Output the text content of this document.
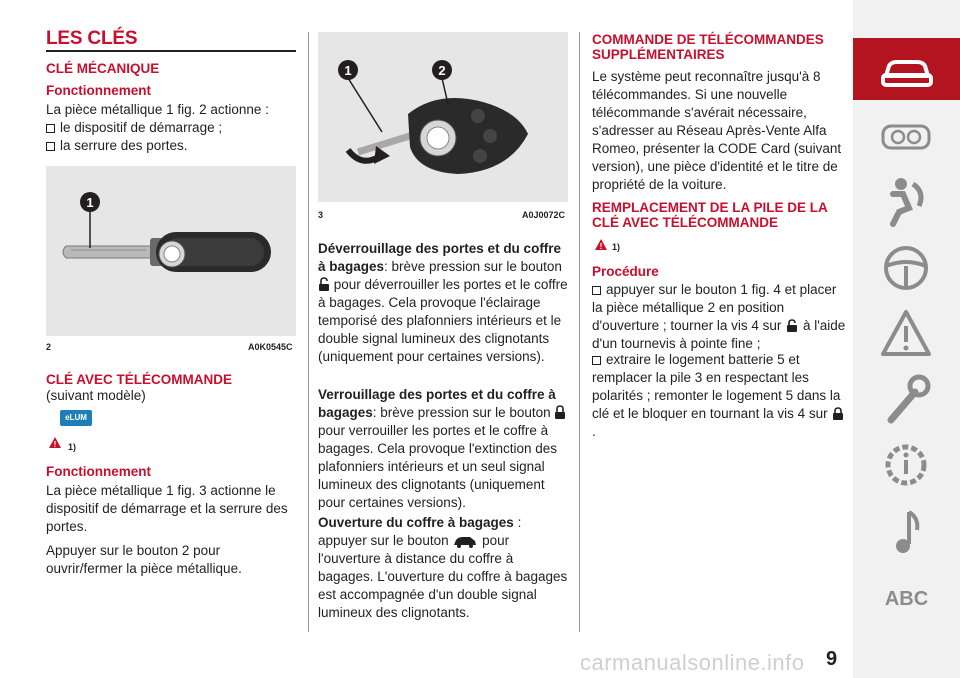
LES CLÉS
CLÉ MÉCANIQUE
Fonctionnement
La pièce métallique 1 fig. 2 actionne :
le dispositif de démarrage ;
la serrure des portes.
1
2	A0K0545C
CLÉ AVEC TÉLÉCOMMANDE
(suivant modèle)
eLUM
! 1)
Fonctionnement
La pièce métallique 1 fig. 3 actionne le dispositif de démarrage et la serrure des portes.
Appuyer sur le bouton 2 pour ouvrir/fermer la pièce métallique.
1	2
3	A0J0072C
Déverrouillage des portes et du coffre à bagages: brève pression sur le bouton  pour déverrouiller les portes et le coffre à bagages. Cela provoque l'éclairage temporisé des plafonniers intérieurs et le double signal lumineux des clignotants (uniquement pour certaines versions).
Verrouillage des portes et du coffre à bagages: brève pression sur le bouton  pour verrouiller les portes et le coffre à bagages. Cela provoque l'extinction des plafonniers intérieurs et un seul signal lumineux des clignotants (uniquement pour certaines versions).
Ouverture du coffre à bagages : appuyer sur le bouton pour l'ouverture à distance du coffre à bagages. L'ouverture du coffre à bagages est accompagnée d'un double signal lumineux des clignotants.
COMMANDE DE TÉLÉCOMMANDES SUPPLÉMENTAIRES
Le système peut reconnaître jusqu'à 8 télécommandes. Si une nouvelle télécommande s'avérait nécessaire, s'adresser au Réseau Après-Vente Alfa Romeo, présenter la CODE Card (suivant version), une pièce d'identité et le titre de propriété de la voiture.
REMPLACEMENT DE LA PILE DE LA CLÉ AVEC TÉLÉCOMMANDE
! 1)
Procédure
appuyer sur le bouton 1 fig. 4 et placer la pièce métallique 2 en position d'ouverture ; tourner la vis 4 sur à l'aide d'un tournevis à pointe fine ;
extraire le logement batterie 5 et remplacer la pile 3 en respectant les polarités ; remonter le logement 5 dans la clé et le bloquer en tournant la vis 4 sur  .
ABC
9
carmanualsonline.info
